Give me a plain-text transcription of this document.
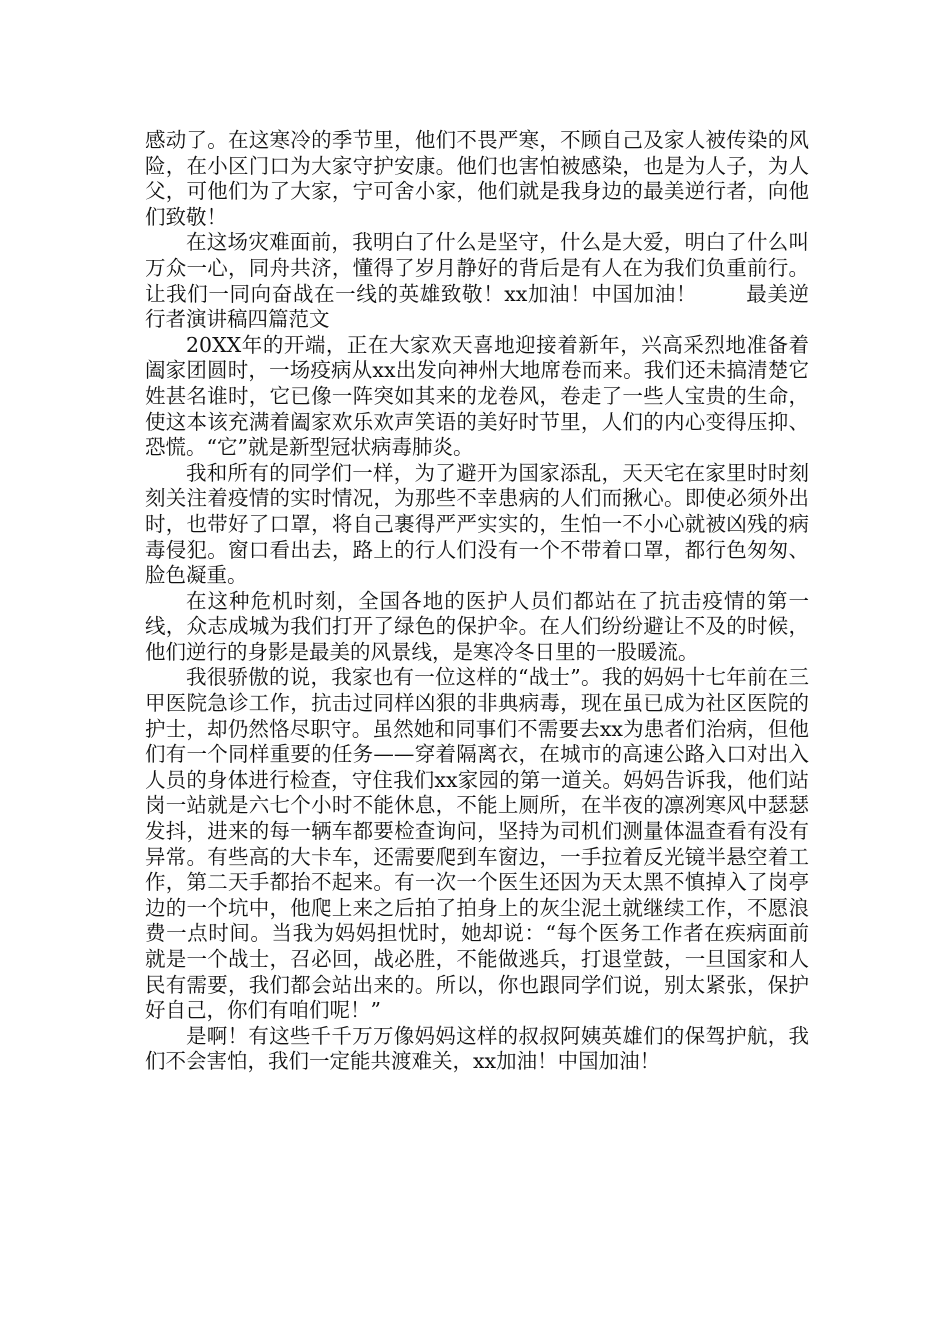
感动了。在这寒冷的季节里，他们不畏严寒，不顾自己及家人被传染的风险，在小区门口为大家守护安康。他们也害怕被感染，也是为人子，为人父，可他们为了大家，宁可舍小家，他们就是我身边的最美逆行者，向他们致敬！

在这场灾难面前，我明白了什么是坚守，什么是大爱，明白了什么叫万众一心，同舟共济，懂得了岁月静好的背后是有人在为我们负重前行。让我们一同向奋战在一线的英雄致敬！xx加油！中国加油！ 最美逆行者演讲稿四篇范文

20XX年的开端，正在大家欢天喜地迎接着新年，兴高采烈地准备着阖家团圆时，一场疫病从xx出发向神州大地席卷而来。我们还未搞清楚它姓甚名谁时，它已像一阵突如其来的龙卷风，卷走了一些人宝贵的生命，使这本该充满着阖家欢乐欢声笑语的美好时节里，人们的内心变得压抑、恐慌。“它”就是新型冠状病毒肺炎。

我和所有的同学们一样，为了避开为国家添乱，天天宅在家里时时刻刻关注着疫情的实时情况，为那些不幸患病的人们而揪心。即使必须外出时，也带好了口罩，将自己裹得严严实实的，生怕一不小心就被凶残的病毒侵犯。窗口看出去，路上的行人们没有一个不带着口罩，都行色匆匆、脸色凝重。

在这种危机时刻，全国各地的医护人员们都站在了抗击疫情的第一线，众志成城为我们打开了绿色的保护伞。在人们纷纷避让不及的时候，他们逆行的身影是最美的风景线，是寒冷冬日里的一股暖流。

我很骄傲的说，我家也有一位这样的“战士”。我的妈妈十七年前在三甲医院急诊工作，抗击过同样凶狠的非典病毒，现在虽已成为社区医院的护士，却仍然恪尽职守。虽然她和同事们不需要去xx为患者们治病，但他们有一个同样重要的任务——穿着隔离衣，在城市的高速公路入口对出入人员的身体进行检查，守住我们xx家园的第一道关。妈妈告诉我，他们站岗一站就是六七个小时不能休息，不能上厕所，在半夜的凛冽寒风中瑟瑟发抖，进来的每一辆车都要检查询问，坚持为司机们测量体温查看有没有异常。有些高的大卡车，还需要爬到车窗边，一手拉着反光镜半悬空着工作，第二天手都抬不起来。有一次一个医生还因为天太黑不慎掉入了岗亭边的一个坑中，他爬上来之后拍了拍身上的灰尘泥土就继续工作，不愿浪费一点时间。当我为妈妈担忧时，她却说：“每个医务工作者在疾病面前就是一个战士，召必回，战必胜，不能做逃兵，打退堂鼓，一旦国家和人民有需要，我们都会站出来的。所以，你也跟同学们说，别太紧张，保护好自己，你们有咱们呢！”

是啊！有这些千千万万像妈妈这样的叔叔阿姨英雄们的保驾护航，我们不会害怕，我们一定能共渡难关，xx加油！中国加油！
